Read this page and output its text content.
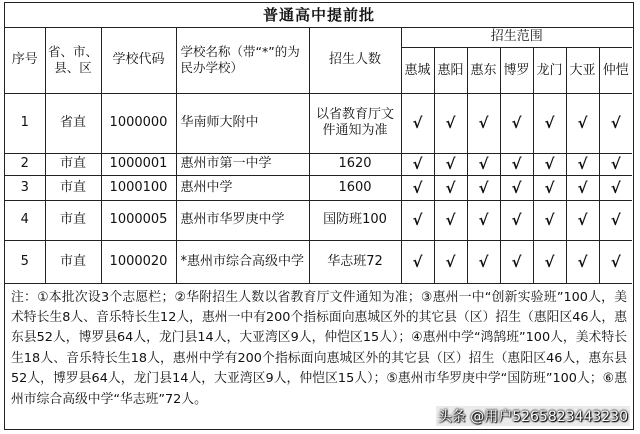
普通高中提前批
序号	省、市、县、区	学校代码	学校名称（带“*”的为民办学校）	招生人数	招生范围						
					惠城	惠阳	惠东	博罗	龙门	大亚	仲恺
1	省直	1000000	华南师大附中	以省教育厅文件通知为准	√	√	√	√	√	√	√
2	市直	1000001	惠州市第一中学	1620	√	√	√	√	√	√	√
3	市直	1000100	惠州中学	1600	√	√	√	√	√	√	√
4	市直	1000005	惠州市华罗庚中学	国防班100	√	√	√	√	√	√	√
5	市直	1000020	*惠州市综合高级中学	华志班72	√	√	√	√	√	√	√
注：①本批次设3个志愿栏；②华附招生人数以省教育厅文件通知为准；③惠州一中“创新实验班”100人，美术特长生8人、音乐特长生12人，惠州一中有200个指标面向惠城区外的其它县（区）招生（惠阳区46人，惠东县52人，博罗县64人，龙门县14人，大亚湾区9人，仲恺区15人）；④惠州中学“鸿鹄班”100人，美术特长生18人、音乐特长生18人，惠州中学有200个指标面向惠城区外的其它县（区）招生（惠阳区46人，惠东县52人，博罗县64人，龙门县14人，大亚湾区9人，仲恺区15人）；⑤惠州市华罗庚中学“国防班”100人；⑥惠州市综合高级中学“华志班”72人。
头条 @用户5265823443230
